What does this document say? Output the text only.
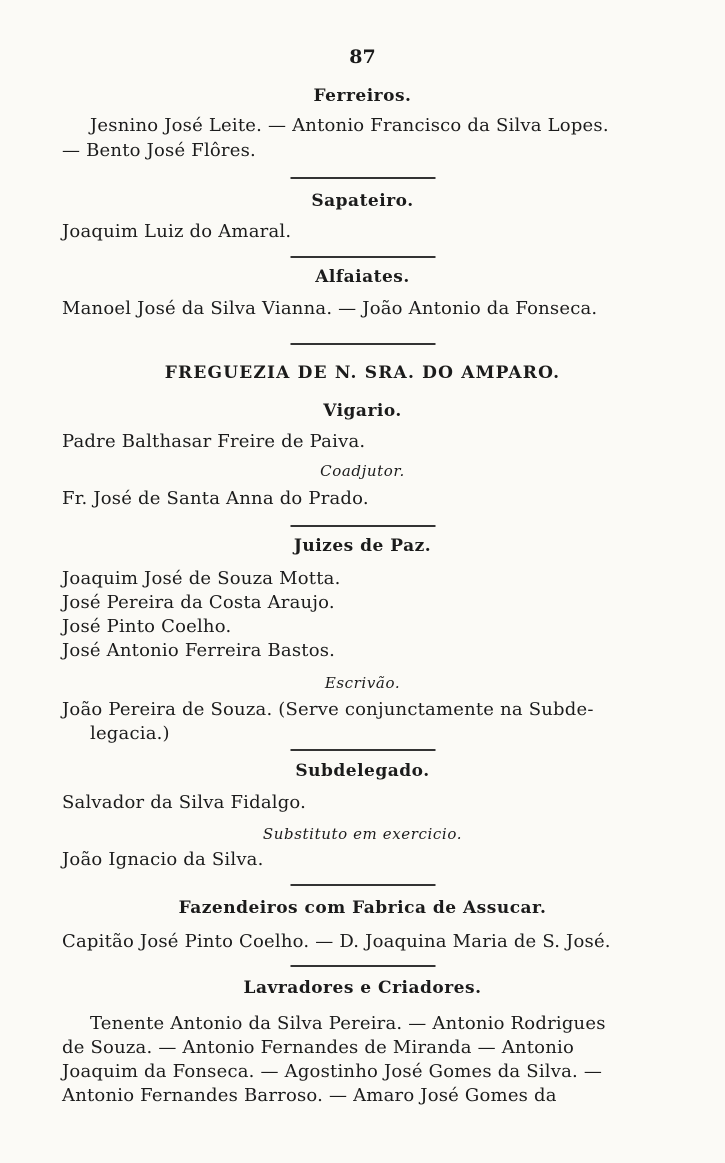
87
Ferreiros.
Jesnino José Leite. — Antonio Francisco da Silva Lopes.
— Bento José Flôres.
Sapateiro.
Joaquim Luiz do Amaral.
Alfaiates.
Manoel José da Silva Vianna. — João Antonio da Fonseca.
FREGUEZIA DE N. SRA. DO AMPARO.
Vigario.
Padre Balthasar Freire de Paiva.
Coadjutor.
Fr. José de Santa Anna do Prado.
Juizes de Paz.
Joaquim José de Souza Motta.
José Pereira da Costa Araujo.
José Pinto Coelho.
José Antonio Ferreira Bastos.
Escrivão.
João Pereira de Souza. (Serve conjunctamente na Subde-
legacia.)
Subdelegado.
Salvador da Silva Fidalgo.
Substituto em exercicio.
João Ignacio da Silva.
Fazendeiros com Fabrica de Assucar.
Capitão José Pinto Coelho. — D. Joaquina Maria de S. José.
Lavradores e Criadores.
Tenente Antonio da Silva Pereira. — Antonio Rodrigues
de Souza. — Antonio Fernandes de Miranda — Antonio
Joaquim da Fonseca. — Agostinho José Gomes da Silva. —
Antonio Fernandes Barroso. — Amaro José Gomes da
